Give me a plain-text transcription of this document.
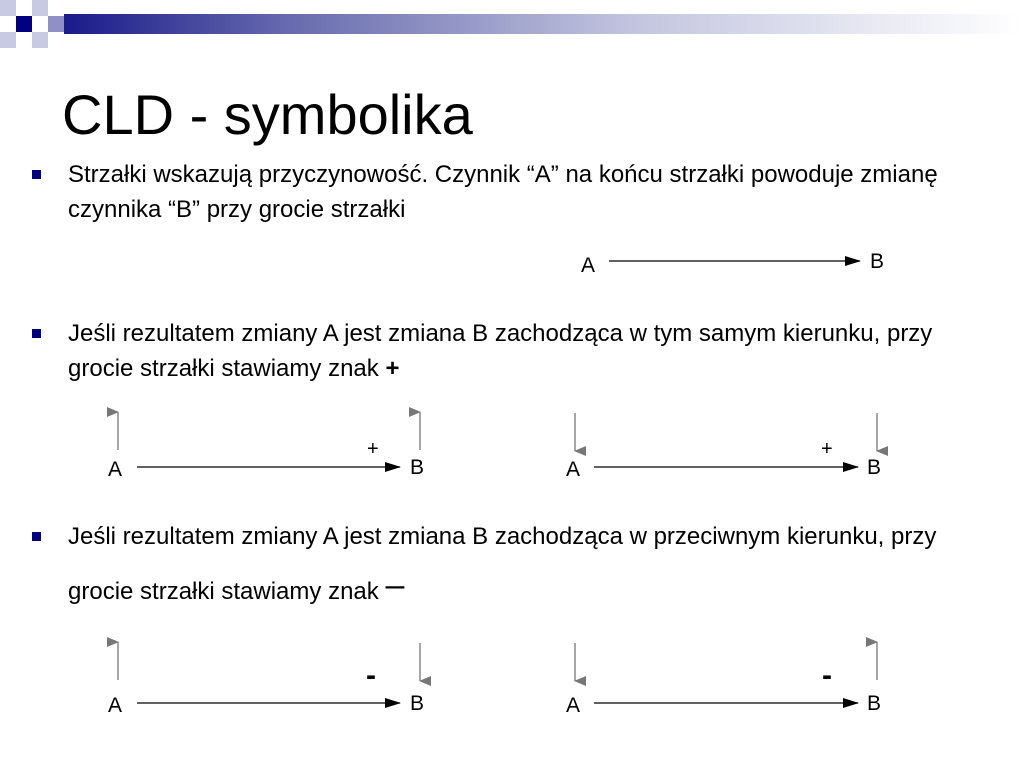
CLD - symbolika

Strzałki wskazują przyczynowość. Czynnik “A” na końcu strzałki powoduje zmianę czynnika “B” przy grocie strzałki

Jeśli rezultatem zmiany A jest zmiana B zachodząca w tym samym kierunku, przy grocie strzałki stawiamy znak +

Jeśli rezultatem zmiany A jest zmiana B zachodząca w przeciwnym kierunku, przy grocie strzałki stawiamy znak –

A	B
A
+
B	A
+
B
A
-
B	A
-
B
